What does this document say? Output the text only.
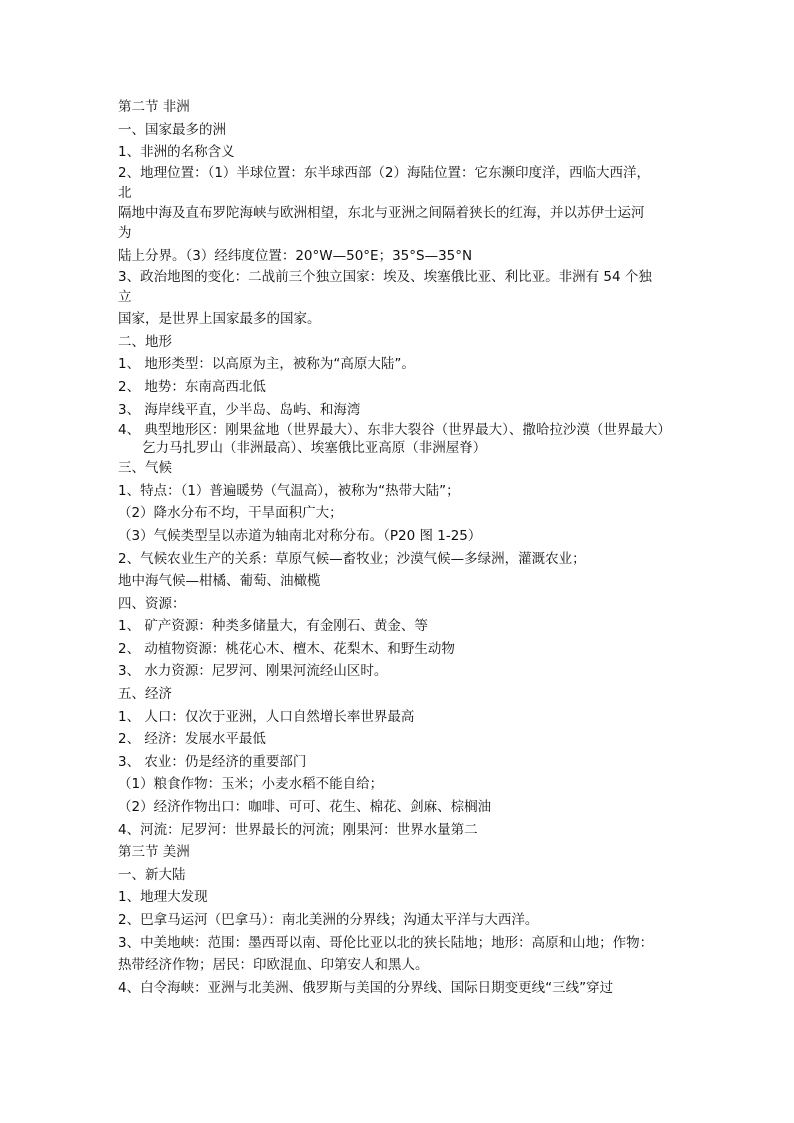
第二节 非洲
一、国家最多的洲
1、非洲的名称含义
2、地理位置：（1）半球位置：东半球西部（2）海陆位置：它东濒印度洋，西临大西洋，
北
隔地中海及直布罗陀海峡与欧洲相望，东北与亚洲之间隔着狭长的红海，并以苏伊士运河
为
陆上分界。（3）经纬度位置：20°W—50°E；35°S—35°N
3、政治地图的变化：二战前三个独立国家：埃及、埃塞俄比亚、利比亚。非洲有 54 个独
立
国家，是世界上国家最多的国家。
二、地形
1、 地形类型：以高原为主，被称为“高原大陆”。
2、 地势：东南高西北低
3、 海岸线平直，少半岛、岛屿、和海湾
4、 典型地形区：刚果盆地（世界最大）、东非大裂谷（世界最大）、撒哈拉沙漠（世界最大）
乞力马扎罗山（非洲最高）、埃塞俄比亚高原（非洲屋脊）
三、气候
1、特点：（1）普遍暖势（气温高），被称为“热带大陆”；
（2）降水分布不均，干旱面积广大；
（3）气候类型呈以赤道为轴南北对称分布。（P20 图 1-25）
2、气候农业生产的关系：草原气候—畜牧业；沙漠气候—多绿洲，灌溉农业；
地中海气候—柑橘、葡萄、油橄榄
四、资源：
1、 矿产资源：种类多储量大，有金刚石、黄金、等
2、 动植物资源：桃花心木、檀木、花梨木、和野生动物
3、 水力资源：尼罗河、刚果河流经山区时。
五、经济
1、 人口：仅次于亚洲，人口自然增长率世界最高
2、 经济：发展水平最低
3、 农业：仍是经济的重要部门
（1）粮食作物：玉米；小麦水稻不能自给；
（2）经济作物出口：咖啡、可可、花生、棉花、剑麻、棕榈油
4、河流：尼罗河：世界最长的河流；刚果河：世界水量第二
第三节 美洲
一、新大陆
1、地理大发现
2、巴拿马运河（巴拿马）：南北美洲的分界线；沟通太平洋与大西洋。
3、中美地峡：范围：墨西哥以南、哥伦比亚以北的狭长陆地；地形：高原和山地；作物：
热带经济作物；居民：印欧混血、印第安人和黑人。
4、白令海峡：亚洲与北美洲、俄罗斯与美国的分界线、国际日期变更线“三线”穿过
